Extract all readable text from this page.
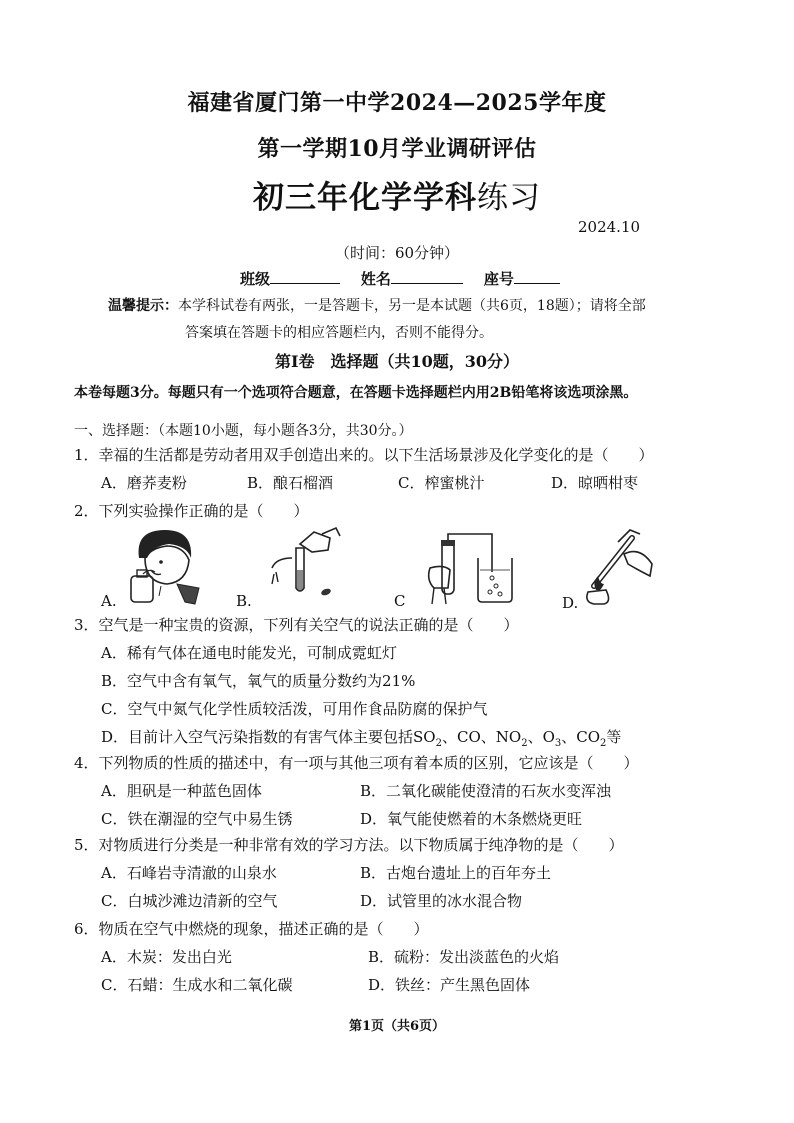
福建省厦门第一中学2024—2025学年度
第一学期10月学业调研评估
初三年化学学科练习
2024.10
（时间：60分钟）
班级	姓名	座号
温馨提示：本学科试卷有两张，一是答题卡，另一是本试题（共6页，18题）；请将全部
答案填在答题卡的相应答题栏内，否则不能得分。
第Ⅰ卷　选择题（共10题，30分）
本卷每题3分。每题只有一个选项符合题意，在答题卡选择题栏内用2B铅笔将该选项涂黑。
一、选择题：（本题10小题，每小题各3分，共30分。）
1．幸福的生活都是劳动者用双手创造出来的。以下生活场景涉及化学变化的是（　　）
A．磨荞麦粉	B．酿石榴酒	C．榨蜜桃汁	D．晾晒柑枣
2．下列实验操作正确的是（　　）
A.	B.	C	D.
3．空气是一种宝贵的资源，下列有关空气的说法正确的是（　　）
A．稀有气体在通电时能发光，可制成霓虹灯
B．空气中含有氧气，氧气的质量分数约为21%
C．空气中氮气化学性质较活泼，可用作食品防腐的保护气
D．目前计入空气污染指数的有害气体主要包括$SO_2$、CO、$NO_2$、$O_3$、$CO_2$等
4．下列物质的性质的描述中，有一项与其他三项有着本质的区别，它应该是（　　）
A．胆矾是一种蓝色固体	B．二氧化碳能使澄清的石灰水变浑浊
C．铁在潮湿的空气中易生锈	D．氧气能使燃着的木条燃烧更旺
5．对物质进行分类是一种非常有效的学习方法。以下物质属于纯净物的是（　　）
A．石峰岩寺清澈的山泉水	B．古炮台遗址上的百年夯土
C．白城沙滩边清新的空气	D．试管里的冰水混合物
6．物质在空气中燃烧的现象，描述正确的是（　　）
A．木炭：发出白光	B．硫粉：发出淡蓝色的火焰
C．石蜡：生成水和二氧化碳	D．铁丝：产生黑色固体
第1页（共6页）
